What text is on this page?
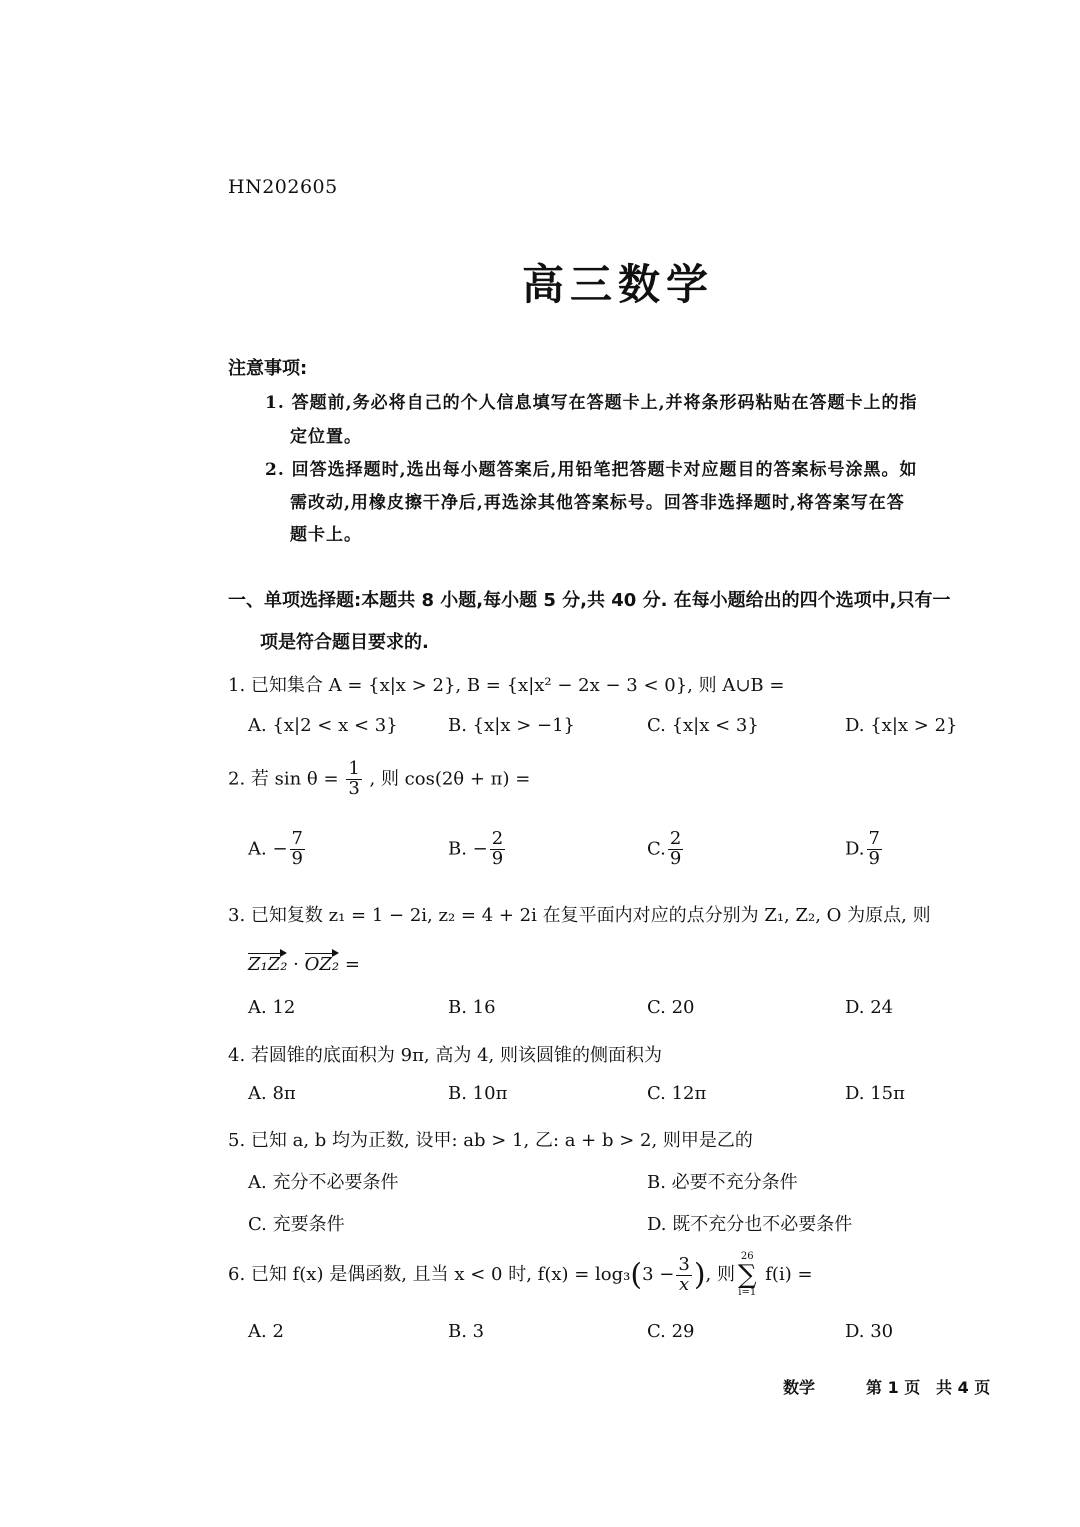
HN202605
高三数学
注意事项:
1. 答题前,务必将自己的个人信息填写在答题卡上,并将条形码粘贴在答题卡上的指
定位置。
2. 回答选择题时,选出每小题答案后,用铅笔把答题卡对应题目的答案标号涂黑。如
需改动,用橡皮擦干净后,再选涂其他答案标号。回答非选择题时,将答案写在答
题卡上。
一、单项选择题:本题共 8 小题,每小题 5 分,共 40 分. 在每小题给出的四个选项中,只有一
项是符合题目要求的.
1. 已知集合 A = {x|x > 2}, B = {x|x² − 2x − 3 < 0}, 则 A∪B =
A. {x|2 < x < 3}	B. {x|x > −1}	C. {x|x < 3}	D. {x|x > 2}
2. 若 $\sin \theta = \frac{1}{3}$ , 则 cos(2θ + π) =
A. − $\frac{7}{9}$	B. − $\frac{2}{9}$	C. $\frac{2}{9}$	D. $\frac{7}{9}$
3. 已知复数 z₁ = 1 − 2i, z₂ = 4 + 2i 在复平面内对应的点分别为 Z₁, Z₂, O 为原点, 则
Z₁Z₂ · OZ₂ =
A. 12	B. 16	C. 20	D. 24
4. 若圆锥的底面积为 9π, 高为 4, 则该圆锥的侧面积为
A. 8π	B. 10π	C. 12π	D. 15π
5. 已知 a, b 均为正数, 设甲: ab > 1, 乙: a + b > 2, 则甲是乙的
A. 充分不必要条件	B. 必要不充分条件
C. 充要条件	D. 既不充分也不必要条件
6. 已知 f(x) 是偶函数, 且当 x < 0 时, $f(x) = \log_3(3 - \frac{3}{x}$ ), 则
26
∑
i=1
f(i) =
A. 2	B. 3	C. 29	D. 30
数学	第 1 页 共 4 页
